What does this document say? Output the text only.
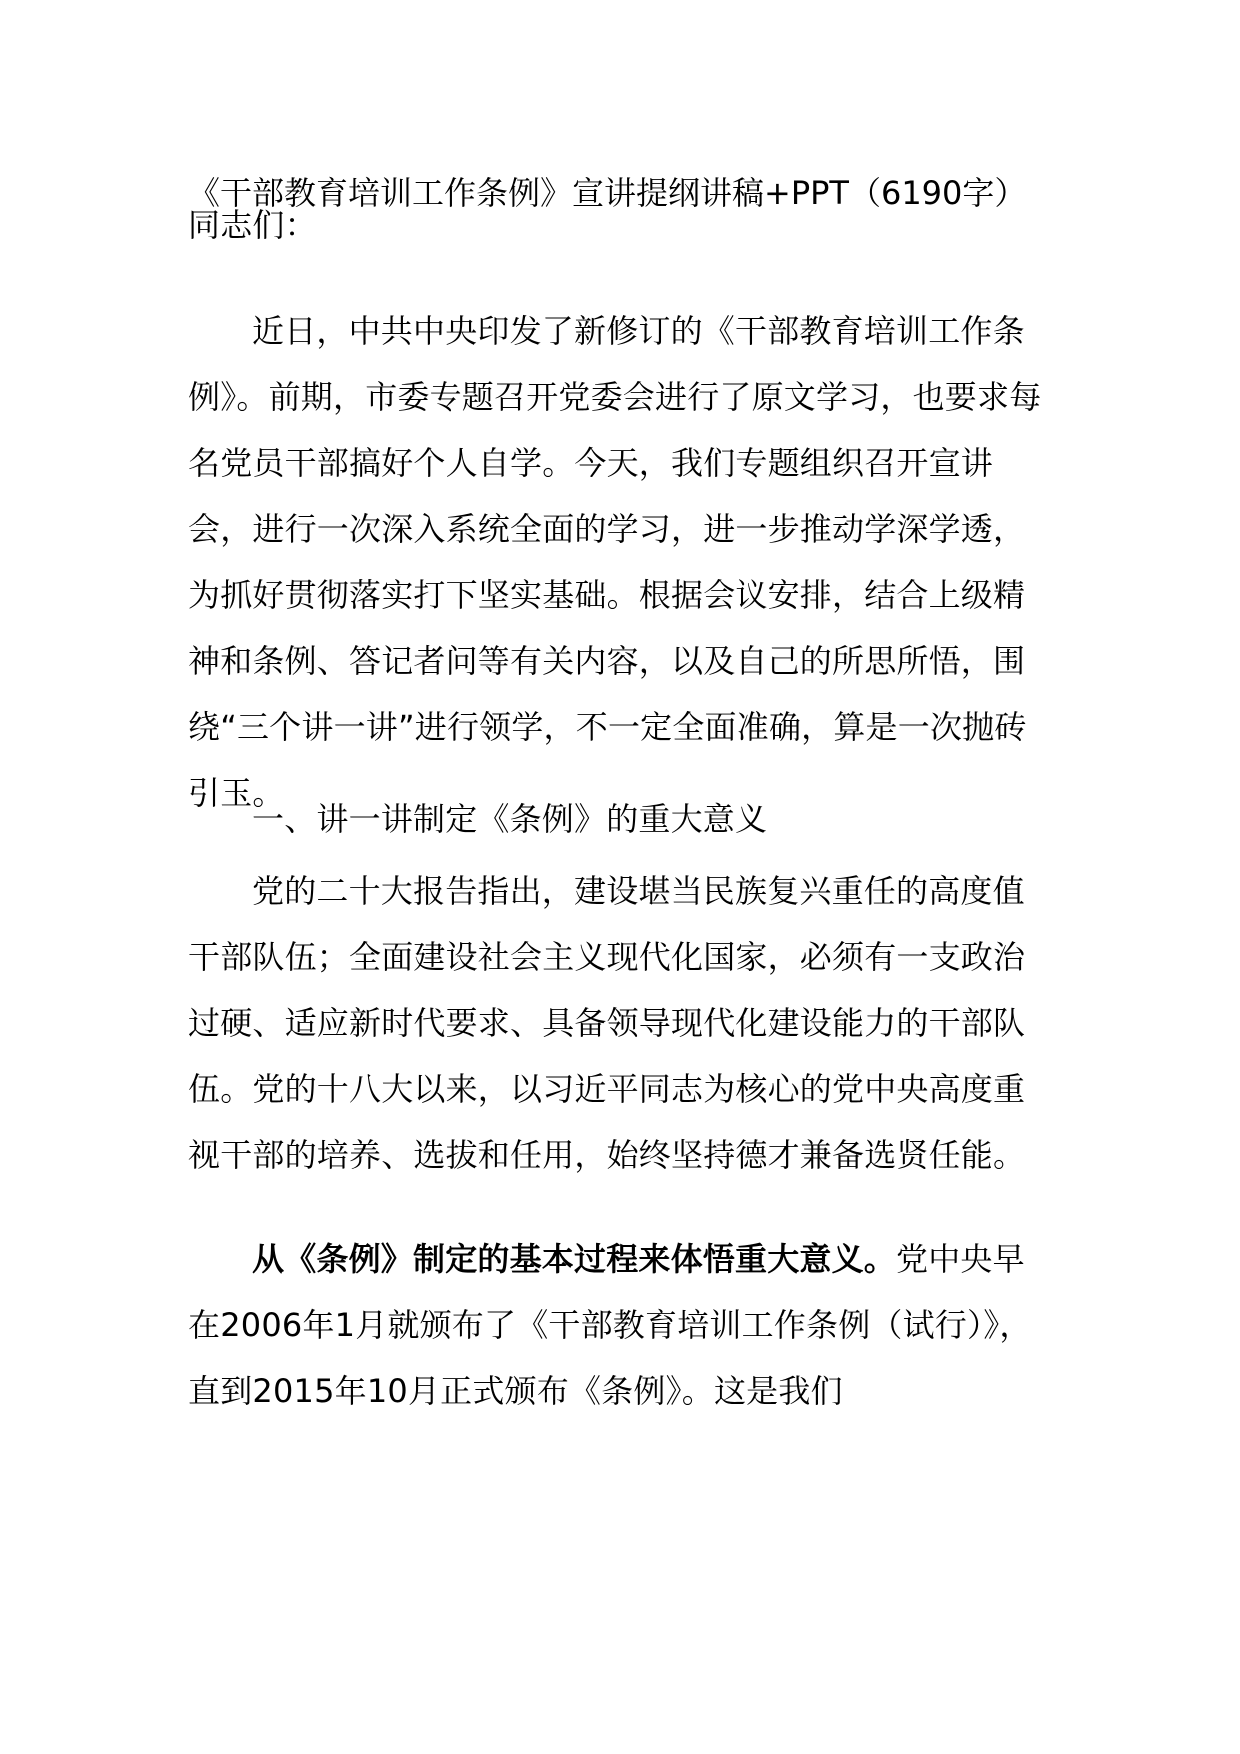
《干部教育培训工作条例》宣讲提纲讲稿+PPT（6190字）
同志们：
近日，中共中央印发了新修订的《干部教育培训工作条例》。前期，市委专题召开党委会进行了原文学习，也要求每名党员干部搞好个人自学。今天，我们专题组织召开宣讲会，进行一次深入系统全面的学习，进一步推动学深学透，为抓好贯彻落实打下坚实基础。根据会议安排，结合上级精神和条例、答记者问等有关内容，以及自己的所思所悟，围绕“三个讲一讲”进行领学，不一定全面准确，算是一次抛砖引玉。
一、讲一讲制定《条例》的重大意义
党的二十大报告指出，建设堪当民族复兴重任的高度值干部队伍；全面建设社会主义现代化国家，必须有一支政治过硬、适应新时代要求、具备领导现代化建设能力的干部队伍。党的十八大以来，以习近平同志为核心的党中央高度重视干部的培养、选拔和任用，始终坚持德才兼备选贤任能。
从《条例》制定的基本过程来体悟重大意义。党中央早在2006年1月就颁布了《干部教育培训工作条例（试行）》，直到2015年10月正式颁布《条例》。这是我们
